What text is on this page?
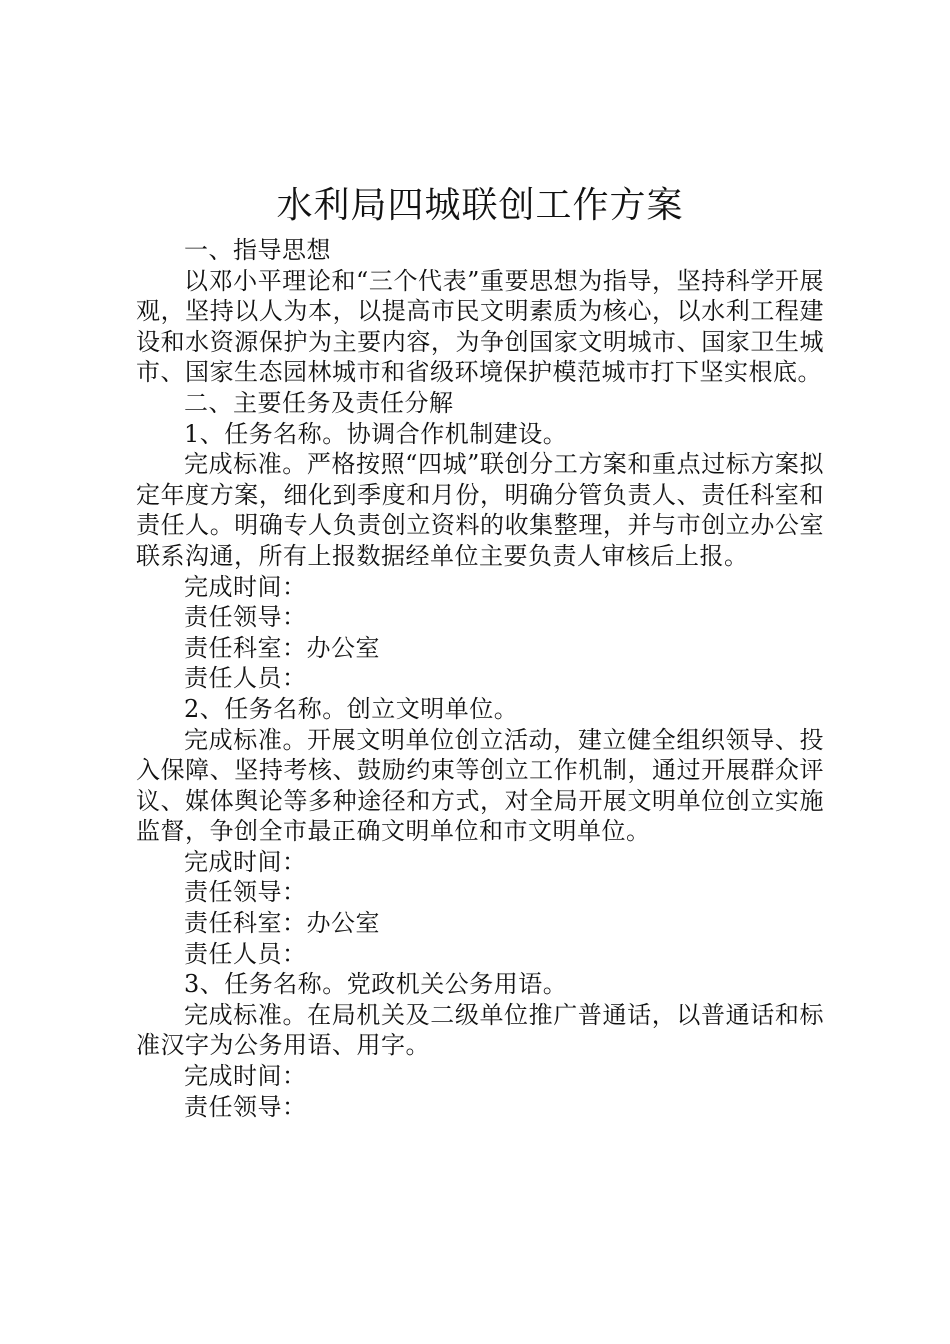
水利局四城联创工作方案

一、指导思想

以邓小平理论和“三个代表”重要思想为指导，坚持科学开展观，坚持以人为本，以提高市民文明素质为核心，以水利工程建设和水资源保护为主要内容，为争创国家文明城市、国家卫生城市、国家生态园林城市和省级环境保护模范城市打下坚实根底。

二、主要任务及责任分解

1、任务名称。协调合作机制建设。

完成标准。严格按照“四城”联创分工方案和重点过标方案拟定年度方案，细化到季度和月份，明确分管负责人、责任科室和责任人。明确专人负责创立资料的收集整理，并与市创立办公室联系沟通，所有上报数据经单位主要负责人审核后上报。

完成时间：

责任领导：

责任科室：办公室

责任人员：

2、任务名称。创立文明单位。

完成标准。开展文明单位创立活动，建立健全组织领导、投入保障、坚持考核、鼓励约束等创立工作机制，通过开展群众评议、媒体舆论等多种途径和方式，对全局开展文明单位创立实施监督，争创全市最正确文明单位和市文明单位。

完成时间：

责任领导：

责任科室：办公室

责任人员：

3、任务名称。党政机关公务用语。

完成标准。在局机关及二级单位推广普通话，以普通话和标准汉字为公务用语、用字。

完成时间：

责任领导：
